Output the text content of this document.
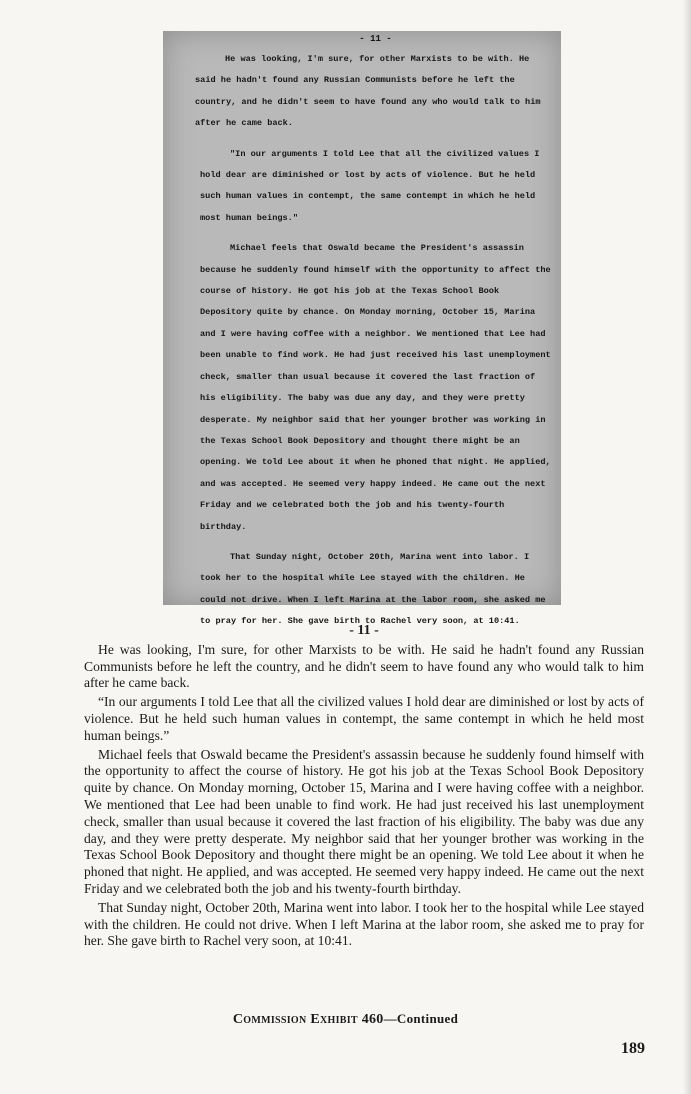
- 11 -

He was looking, I'm sure, for other Marxists to be with. He said he hadn't found any Russian Communists before he left the country, and he didn't seem to have found any who would talk to him after he came back.

"In our arguments I told Lee that all the civilized values I hold dear are diminished or lost by acts of violence. But he held such human values in contempt, the same contempt in which he held most human beings."

Michael feels that Oswald became the President's assassin because he suddenly found himself with the opportunity to affect the course of history. He got his job at the Texas School Book Depository quite by chance. On Monday morning, October 15, Marina and I were having coffee with a neighbor. We mentioned that Lee had been unable to find work. He had just received his last unemployment check, smaller than usual because it covered the last fraction of his eligibility. The baby was due any day, and they were pretty desperate. My neighbor said that her younger brother was working in the Texas School Book Depository and thought there might be an opening. We told Lee about it when he phoned that night. He applied, and was accepted. He seemed very happy indeed. He came out the next Friday and we celebrated both the job and his twenty-fourth birthday.

That Sunday night, October 20th, Marina went into labor. I took her to the hospital while Lee stayed with the children. He could not drive. When I left Marina at the labor room, she asked me to pray for her. She gave birth to Rachel very soon, at 10:41.

- 11 -

He was looking, I'm sure, for other Marxists to be with. He said he hadn't found any Russian Communists before he left the country, and he didn't seem to have found any who would talk to him after he came back.

“In our arguments I told Lee that all the civilized values I hold dear are diminished or lost by acts of violence. But he held such human values in contempt, the same contempt in which he held most human beings.”

Michael feels that Oswald became the President's assassin because he suddenly found himself with the opportunity to affect the course of history. He got his job at the Texas School Book Depository quite by chance. On Monday morning, October 15, Marina and I were having coffee with a neighbor. We mentioned that Lee had been unable to find work. He had just received his last unemployment check, smaller than usual because it covered the last fraction of his eligibility. The baby was due any day, and they were pretty desperate. My neighbor said that her younger brother was working in the Texas School Book Depository and thought there might be an opening. We told Lee about it when he phoned that night. He applied, and was accepted. He seemed very happy indeed. He came out the next Friday and we celebrated both the job and his twenty-fourth birthday.

That Sunday night, October 20th, Marina went into labor. I took her to the hospital while Lee stayed with the children. He could not drive. When I left Marina at the labor room, she asked me to pray for her. She gave birth to Rachel very soon, at 10:41.

Commission Exhibit 460—Continued
189
